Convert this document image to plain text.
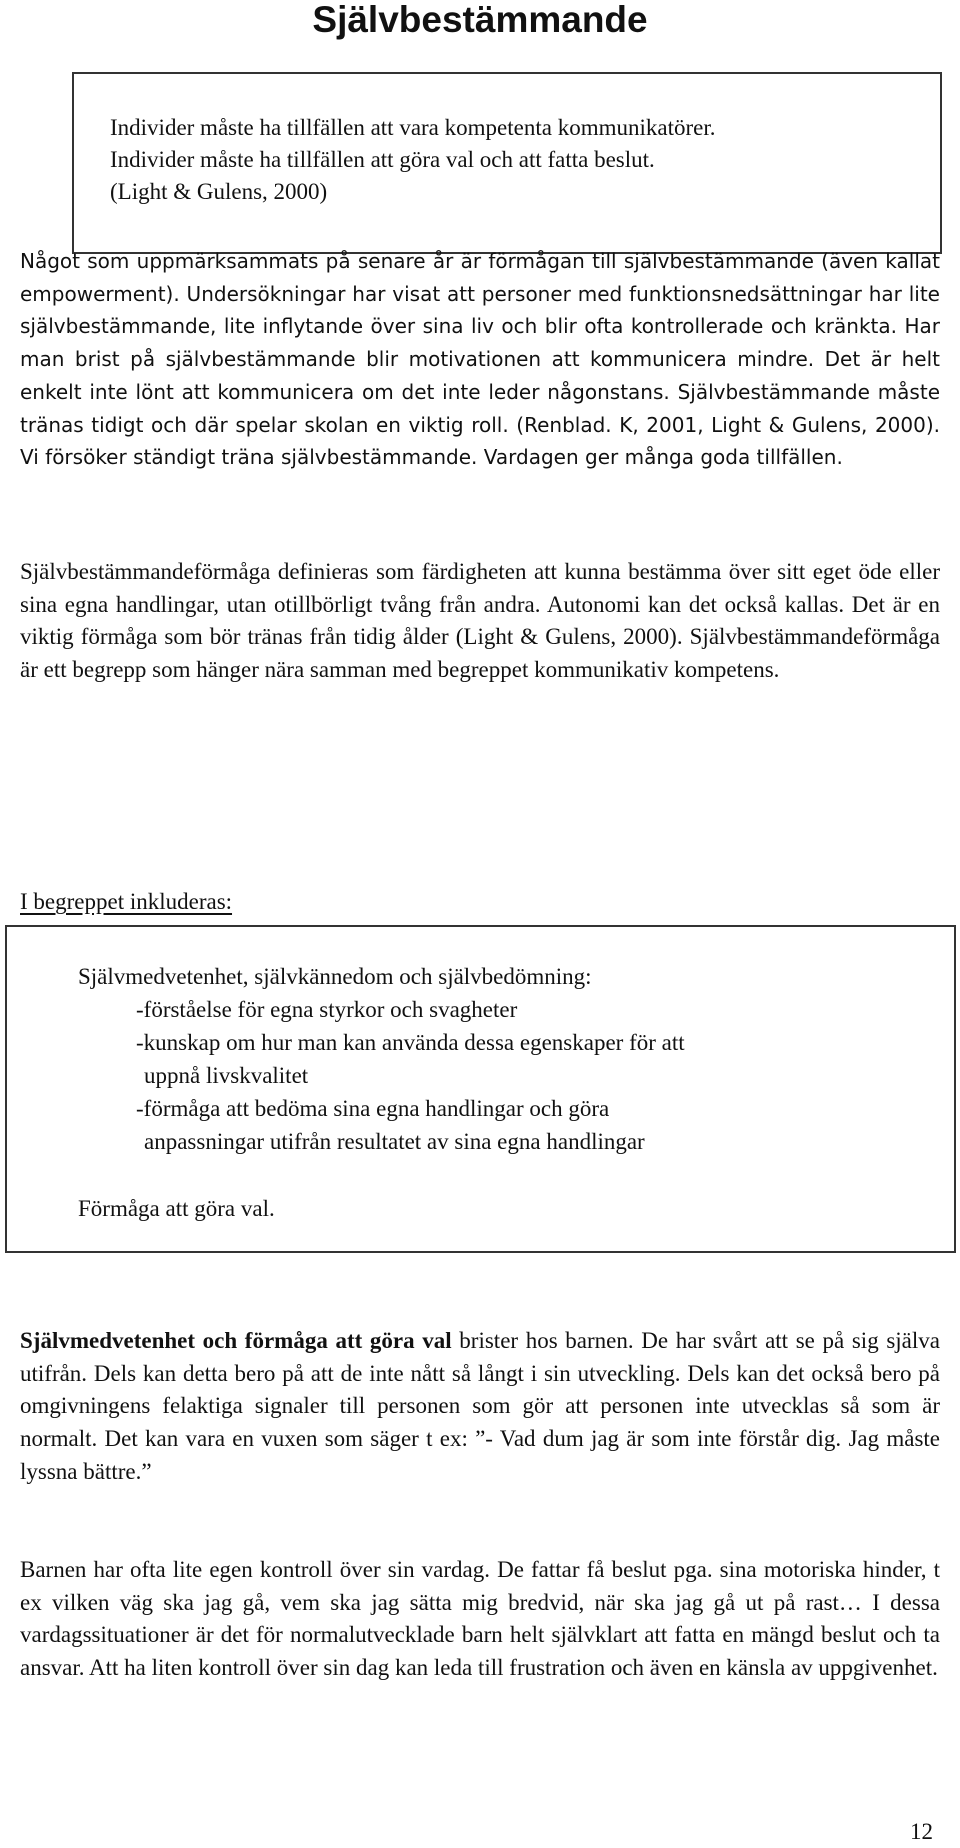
Självbestämmande
Individer måste ha tillfällen att vara kompetenta kommunikatörer.
Individer måste ha tillfällen att göra val och att fatta beslut.
(Light & Gulens, 2000)

Något som uppmärksammats på senare år är förmågan till självbestämmande (även kallat empowerment). Undersökningar har visat att personer med funktionsnedsättningar har lite självbestämmande, lite inflytande över sina liv och blir ofta kontrollerade och kränkta. Har man brist på självbestämmande blir motivationen att kommunicera mindre. Det är helt enkelt inte lönt att kommunicera om det inte leder någonstans. Självbestämmande måste tränas tidigt och där spelar skolan en viktig roll. (Renblad. K, 2001, Light & Gulens, 2000). Vi försöker ständigt träna självbestämmande. Vardagen ger många goda tillfällen.

Självbestämmandeförmåga definieras som färdigheten att kunna bestämma över sitt eget öde eller sina egna handlingar, utan otillbörligt tvång från andra. Autonomi kan det också kallas. Det är en viktig förmåga som bör tränas från tidig ålder (Light & Gulens, 2000). Självbestämmandeförmåga är ett begrepp som hänger nära samman med begreppet kommunikativ kompetens.

I begreppet inkluderas:
Självmedvetenhet, självkännedom och självbedömning:
-förståelse för egna styrkor och svagheter
-kunskap om hur man kan använda dessa egenskaper för att
uppnå livskvalitet
-förmåga att bedöma sina egna handlingar och göra
anpassningar utifrån resultatet av sina egna handlingar
Förmåga att göra val.

Självmedvetenhet och förmåga att göra val brister hos barnen. De har svårt att se på sig själva utifrån. Dels kan detta bero på att de inte nått så långt i sin utveckling. Dels kan det också bero på omgivningens felaktiga signaler till personen som gör att personen inte utvecklas så som är normalt. Det kan vara en vuxen som säger t ex: ”- Vad dum jag är som inte förstår dig. Jag måste lyssna bättre.”

Barnen har ofta lite egen kontroll över sin vardag. De fattar få beslut pga. sina motoriska hinder, t ex vilken väg ska jag gå, vem ska jag sätta mig bredvid, när ska jag gå ut på rast… I dessa vardagssituationer är det för normalutvecklade barn helt självklart att fatta en mängd beslut och ta ansvar. Att ha liten kontroll över sin dag kan leda till frustration och även en känsla av uppgivenhet.

12
